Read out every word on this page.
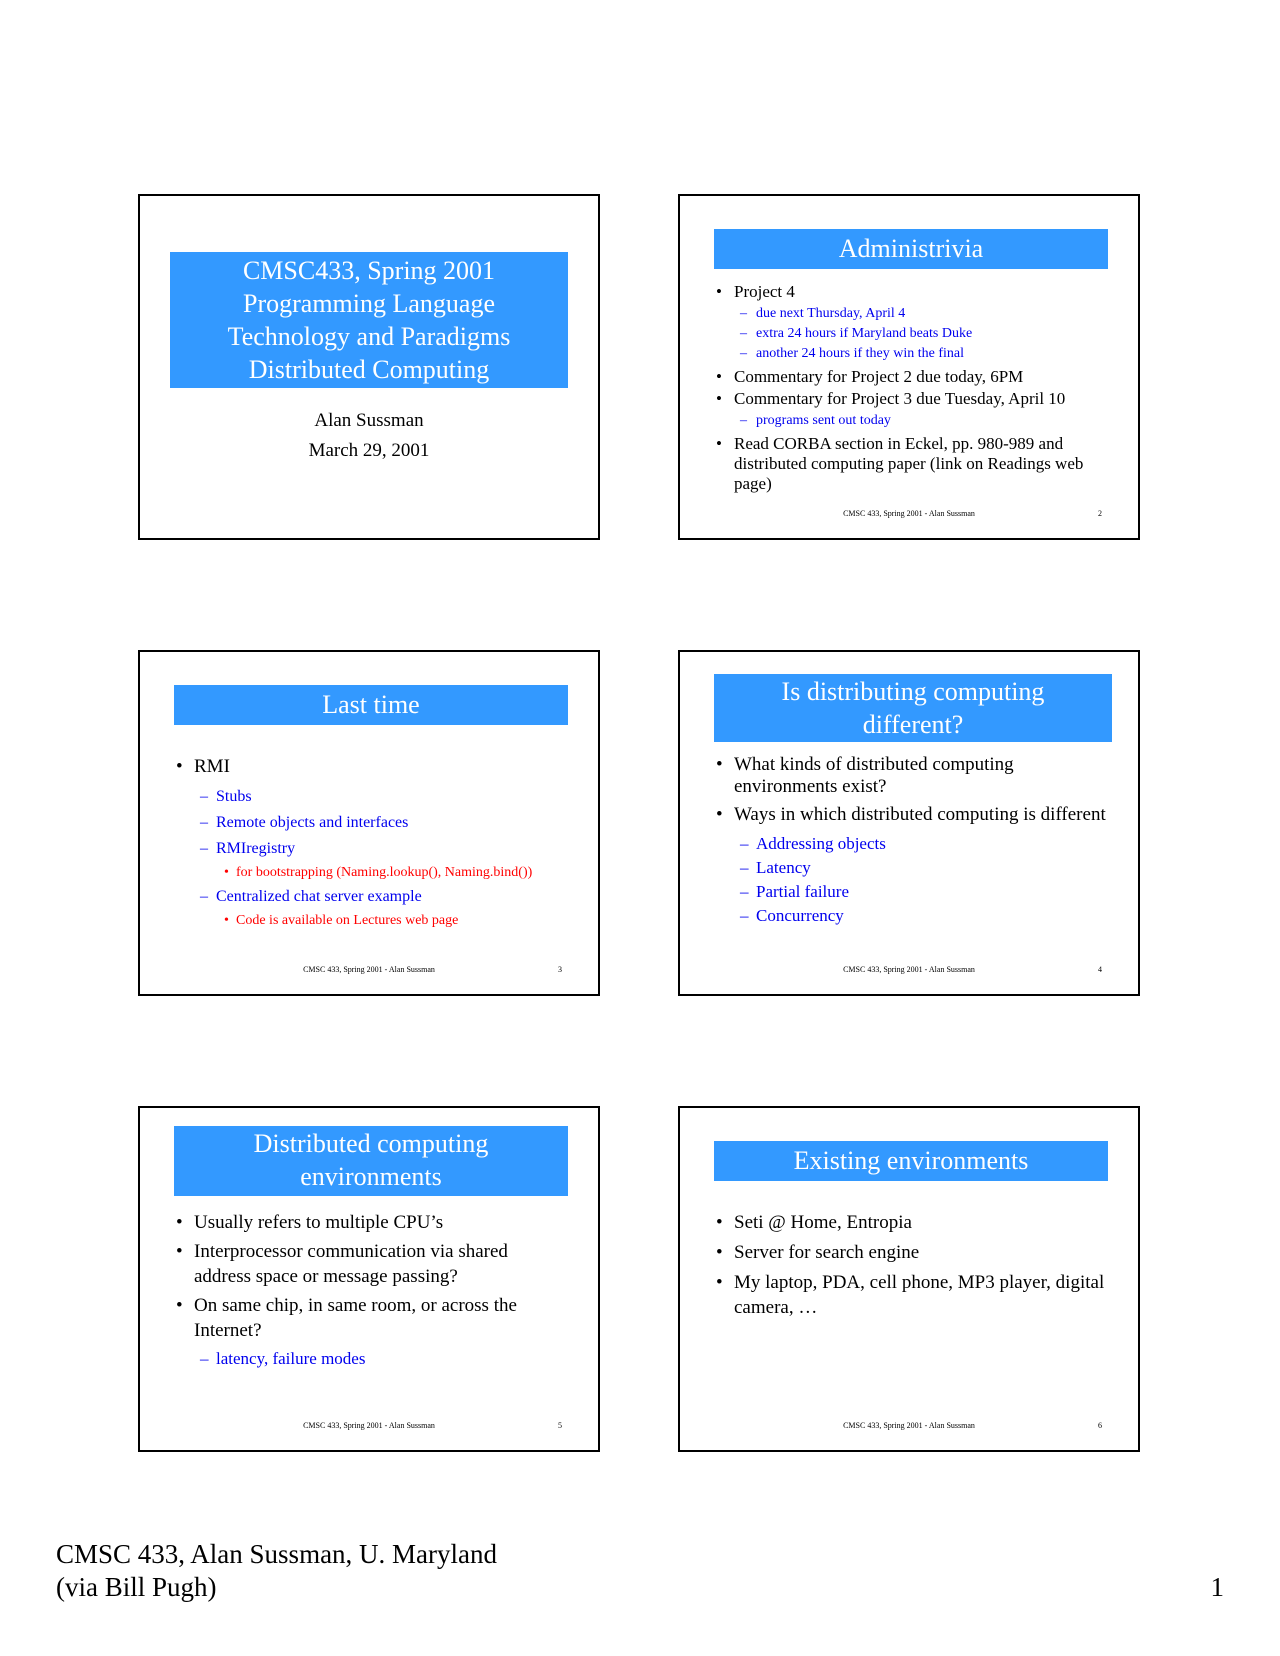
CMSC433, Spring 2001
Programming Language
Technology and Paradigms
Distributed Computing
Alan Sussman
March 29, 2001
Administrivia
• Project 4
– due next Thursday, April 4
– extra 24 hours if Maryland beats Duke
– another 24 hours if they win the final
• Commentary for Project 2 due today, 6PM
• Commentary for Project 3 due Tuesday, April 10
– programs sent out today
• Read CORBA section in Eckel, pp. 980-989 and distributed computing paper (link on Readings web page)
CMSC 433, Spring 2001 - Alan Sussman	2
Last time
• RMI
– Stubs
– Remote objects and interfaces
– RMIregistry
• for bootstrapping (Naming.lookup(), Naming.bind())
– Centralized chat server example
• Code is available on Lectures web page
CMSC 433, Spring 2001 - Alan Sussman	3
Is distributing computing
different?
• What kinds of distributed computing environments exist?
• Ways in which distributed computing is different
– Addressing objects
– Latency
– Partial failure
– Concurrency
CMSC 433, Spring 2001 - Alan Sussman	4
Distributed computing
environments
• Usually refers to multiple CPU’s
• Interprocessor communication via shared address space or message passing?
• On same chip, in same room, or across the Internet?
– latency, failure modes
CMSC 433, Spring 2001 - Alan Sussman	5
Existing environments
• Seti @ Home, Entropia
• Server for search engine
• My laptop, PDA, cell phone, MP3 player, digital camera, …
CMSC 433, Spring 2001 - Alan Sussman	6
CMSC 433, Alan Sussman, U. Maryland
(via Bill Pugh)	1
